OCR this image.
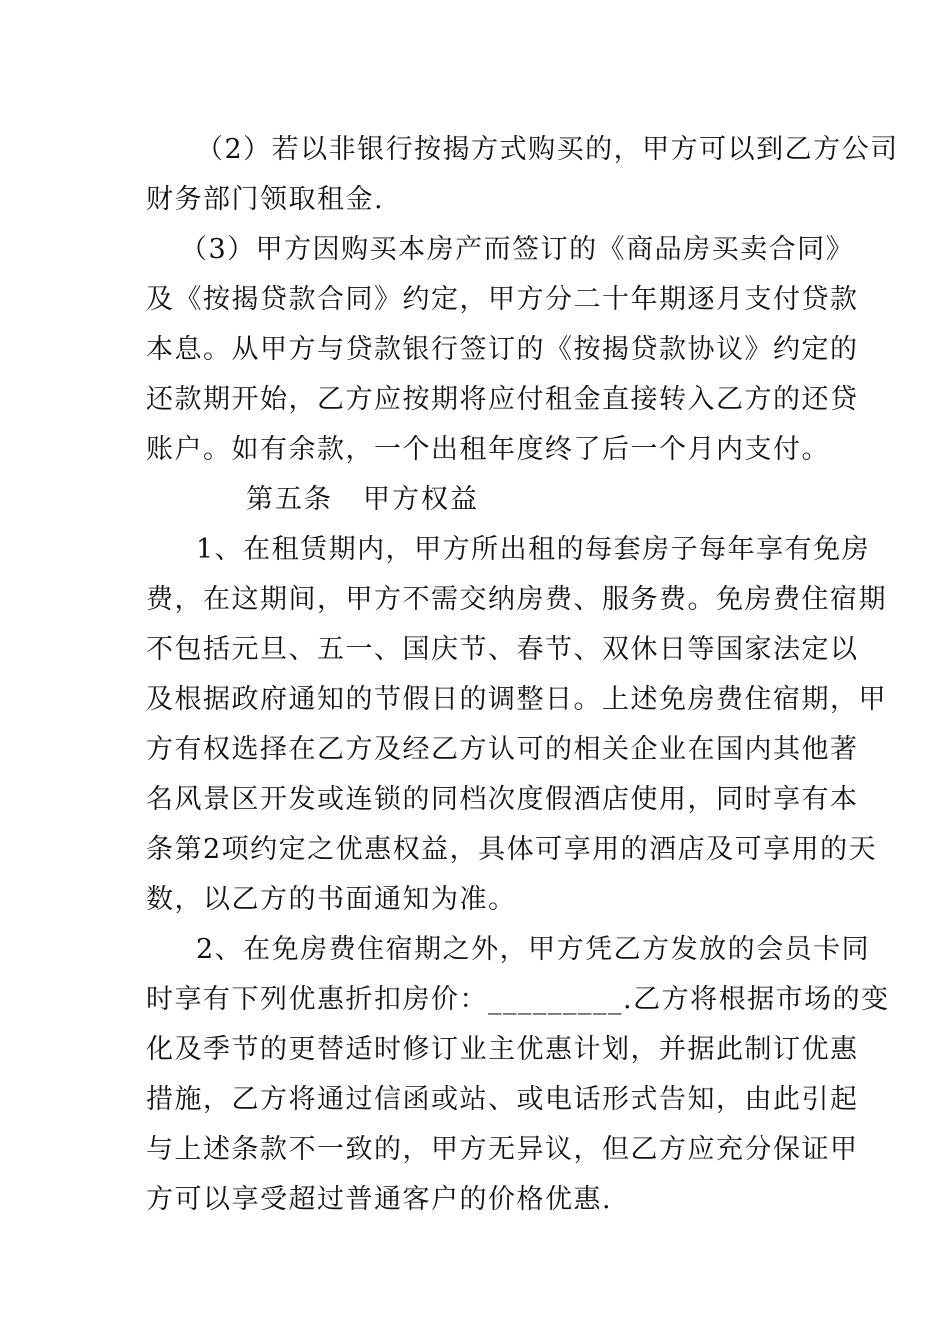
（2）若以非银行按揭方式购买的，甲方可以到乙方公司
财务部门领取租金.
（3）甲方因购买本房产而签订的《商品房买卖合同》
及《按揭贷款合同》约定，甲方分二十年期逐月支付贷款
本息。从甲方与贷款银行签订的《按揭贷款协议》约定的
还款期开始，乙方应按期将应付租金直接转入乙方的还贷
账户。如有余款，一个出租年度终了后一个月内支付。
第五条 甲方权益
1、在租赁期内，甲方所出租的每套房子每年享有免房
费，在这期间，甲方不需交纳房费、服务费。免房费住宿期
不包括元旦、五一、国庆节、春节、双休日等国家法定以
及根据政府通知的节假日的调整日。上述免房费住宿期，甲
方有权选择在乙方及经乙方认可的相关企业在国内其他著
名风景区开发或连锁的同档次度假酒店使用，同时享有本
条第2项约定之优惠权益，具体可享用的酒店及可享用的天
数，以乙方的书面通知为准。
2、在免房费住宿期之外，甲方凭乙方发放的会员卡同
时享有下列优惠折扣房价：_________.乙方将根据市场的变
化及季节的更替适时修订业主优惠计划，并据此制订优惠
措施，乙方将通过信函或站、或电话形式告知，由此引起
与上述条款不一致的，甲方无异议，但乙方应充分保证甲
方可以享受超过普通客户的价格优惠.
